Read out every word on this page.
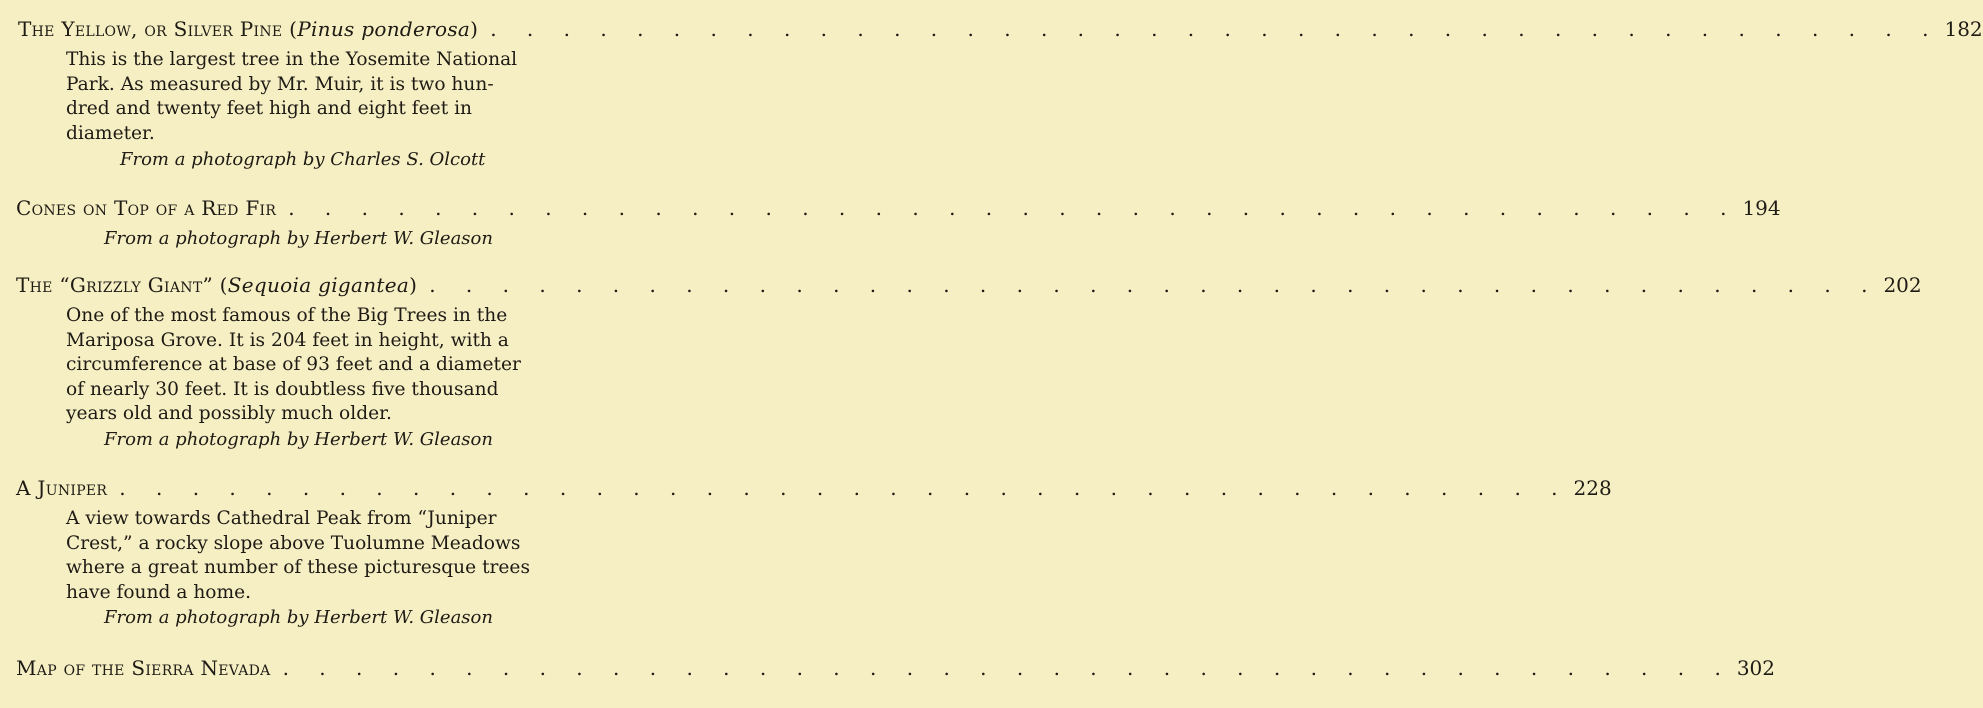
The Yellow, or Silver Pine (Pinus ponderosa) . . . . . . . . . . . . . . . . . . . . . . . . . . . . . . . . . . . . . . . . 182
This is the largest tree in the Yosemite National
Park. As measured by Mr. Muir, it is two hun-
dred and twenty feet high and eight feet in
diameter.
From a photograph by Charles S. Olcott
Cones on Top of a Red Fir . . . . . . . . . . . . . . . . . . . . . . . . . . . . . . . . . . . . . . . . 194
From a photograph by Herbert W. Gleason
The “Grizzly Giant” (Sequoia gigantea) . . . . . . . . . . . . . . . . . . . . . . . . . . . . . . . . . . . . . . . . 202
One of the most famous of the Big Trees in the
Mariposa Grove. It is 204 feet in height, with a
circumference at base of 93 feet and a diameter
of nearly 30 feet. It is doubtless five thousand
years old and possibly much older.
From a photograph by Herbert W. Gleason
A Juniper . . . . . . . . . . . . . . . . . . . . . . . . . . . . . . . . . . . . . . . . 228
A view towards Cathedral Peak from “Juniper
Crest,” a rocky slope above Tuolumne Meadows
where a great number of these picturesque trees
have found a home.
From a photograph by Herbert W. Gleason
Map of the Sierra Nevada . . . . . . . . . . . . . . . . . . . . . . . . . . . . . . . . . . . . . . . . 302
